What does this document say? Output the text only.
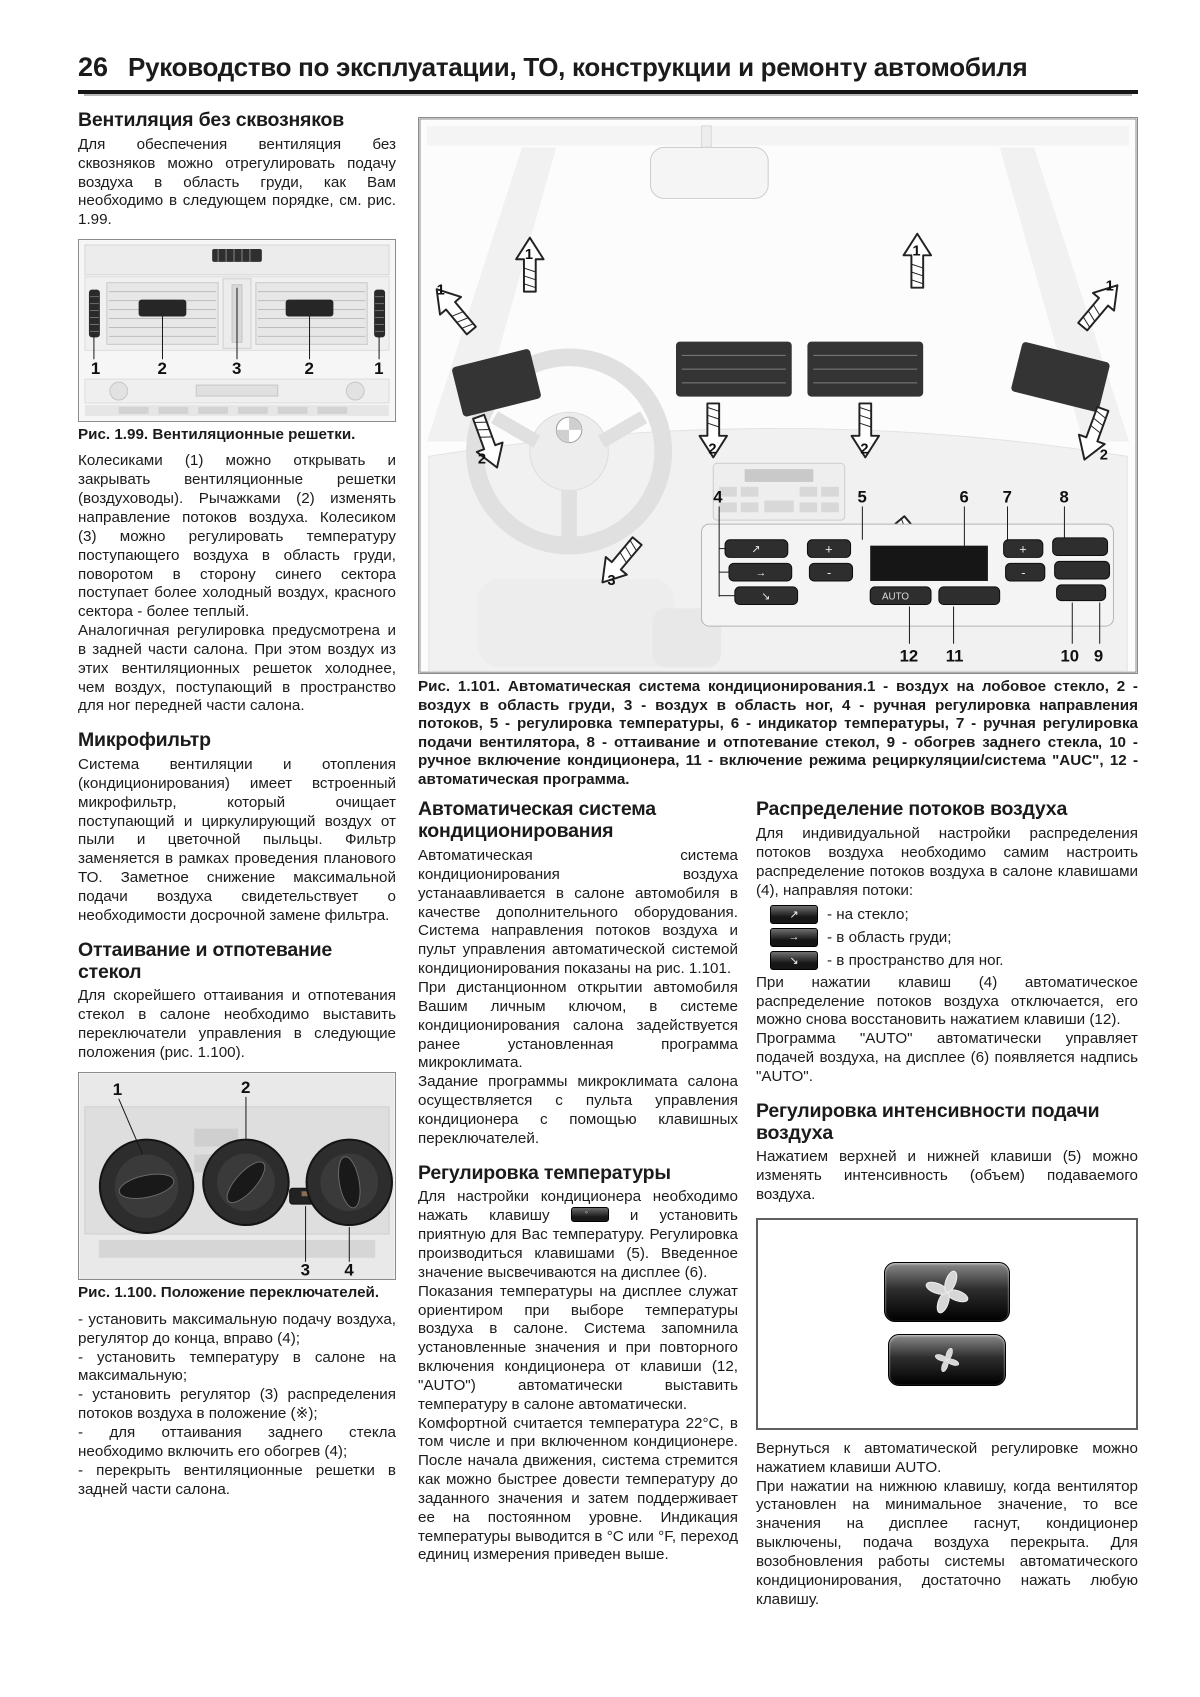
26 Руководство по эксплуатации, ТО, конструкции и ремонту автомобиля
Вентиляция без сквозняков

Для обеспечения вентиляция без сквозняков можно отрегулировать подачу воздуха в область груди, как Вам необходимо в следующем порядке, см. рис. 1.99.

1	2	3	2	1

Рис. 1.99. Вентиляционные решетки.

Колесиками (1) можно открывать и закрывать вентиляционные решетки (воздуховоды). Рычажками (2) изменять направление потоков воздуха. Колесиком (3) можно регулировать температуру поступающего воздуха в область груди, поворотом в сторону синего сектора поступает более холодный воздух, красного сектора - более теплый.

Аналогичная регулировка предусмотрена и в задней части салона. При этом воздух из этих вентиляционных решеток холоднее, чем воздух, поступающий в пространство для ног передней части салона.

Микрофильтр

Система вентиляции и отопления (кондиционирования) имеет встроенный микрофильтр, который очищает поступающий и циркулирующий воздух от пыли и цветочной пыльцы. Фильтр заменяется в рамках проведения планового ТО. Заметное снижение максимальной подачи воздуха свидетельствует о необходимости досрочной замене фильтра.

Оттаивание и отпотевание стекол

Для скорейшего оттаивания и отпотевания стекол в салоне необходимо выставить переключатели управления в следующие положения (рис. 1.100).

1	2
3 4

Рис. 1.100. Положение переключателей.

- установить максимальную подачу воздуха, регулятор до конца, вправо (4);

- установить температуру в салоне на максимальную;

- установить регулятор (3) распределения потоков воздуха в положение (※);

- для оттаивания заднего стекла необходимо включить его обогрев (4);

- перекрыть вентиляционные решетки в задней части салона.

1	1
1	1
2
2	2	2
3
↗
→
↘
+
-
+
-
AUTO
4	5	6 7	8
12 11	10 9

Рис. 1.101. Автоматическая система кондиционирования.1 - воздух на лобовое стекло, 2 - воздух в область груди, 3 - воздух в область ног, 4 - ручная регулировка направления потоков, 5 - регулировка температуры, 6 - индикатор температуры, 7 - ручная регулировка подачи вентилятора, 8 - оттаивание и отпотевание стекол, 9 - обогрев заднего стекла, 10 - ручное включение кондиционера, 11 - включение режима рециркуляции/система "AUC", 12 - автоматическая программа.

Автоматическая система кондиционирования

Автоматическая система кондиционирования воздуха устанаавливается в салоне автомобиля в качестве дополнительного оборудования. Система направления потоков воздуха и пульт управления автоматической системой кондиционирования показаны на рис. 1.101.

При дистанционном открытии автомобиля Вашим личным ключом, в системе кондиционирования салона задействуется ранее установленная программа микроклимата.

Задание программы микроклимата салона осуществляется с пульта управления кондиционера с помощью клавишных переключателей.

Регулировка температуры

Для настройки кондиционера необходимо нажать клавишу ◦	и установить приятную для Вас температуру. Регулировка производиться клавишами (5). Введенное значение высвечиваются на дисплее (6).

Показания температуры на дисплее служат ориентиром при выборе температуры воздуха в салоне. Система запомнила установленные значения и при повторного включения кондиционера от клавиши (12, "AUTO") автоматически выставить температуру в салоне автоматически.

Комфортной считается температура 22°С, в том числе и при включенном кондиционере. После начала движения, система стремится как можно быстрее довести температуру до заданного значения и затем поддерживает ее на постоянном уровне. Индикация температуры выводится в °С или °F, переход единиц измерения приведен выше.

Распределение потоков воздуха

Для индивидуальной настройки распределения потоков воздуха необходимо самим настроить распределение потоков воздуха в салоне клавишами (4), направляя потоки:

↗	- на стекло;
→	- в область груди;
↘	- в пространство для ног.

При нажатии клавиш (4) автоматическое распределение потоков воздуха отключается, его можно снова восстановить нажатием клавиши (12).

Программа "AUTO" автоматически управляет подачей воздуха, на дисплее (6) появляется надпись "AUTO".

Регулировка интенсивности подачи воздуха

Нажатием верхней и нижней клавиши (5) можно изменять интенсивность (объем) подаваемого воздуха.

Вернуться к автоматической регулировке можно нажатием клавиши AUTO.

При нажатии на нижнюю клавишу, когда вентилятор установлен на минимальное значение, то все значения на дисплее гаснут, кондиционер выключены, подача воздуха перекрыта. Для возобновления работы системы автоматического кондиционирования, достаточно нажать любую клавишу.
